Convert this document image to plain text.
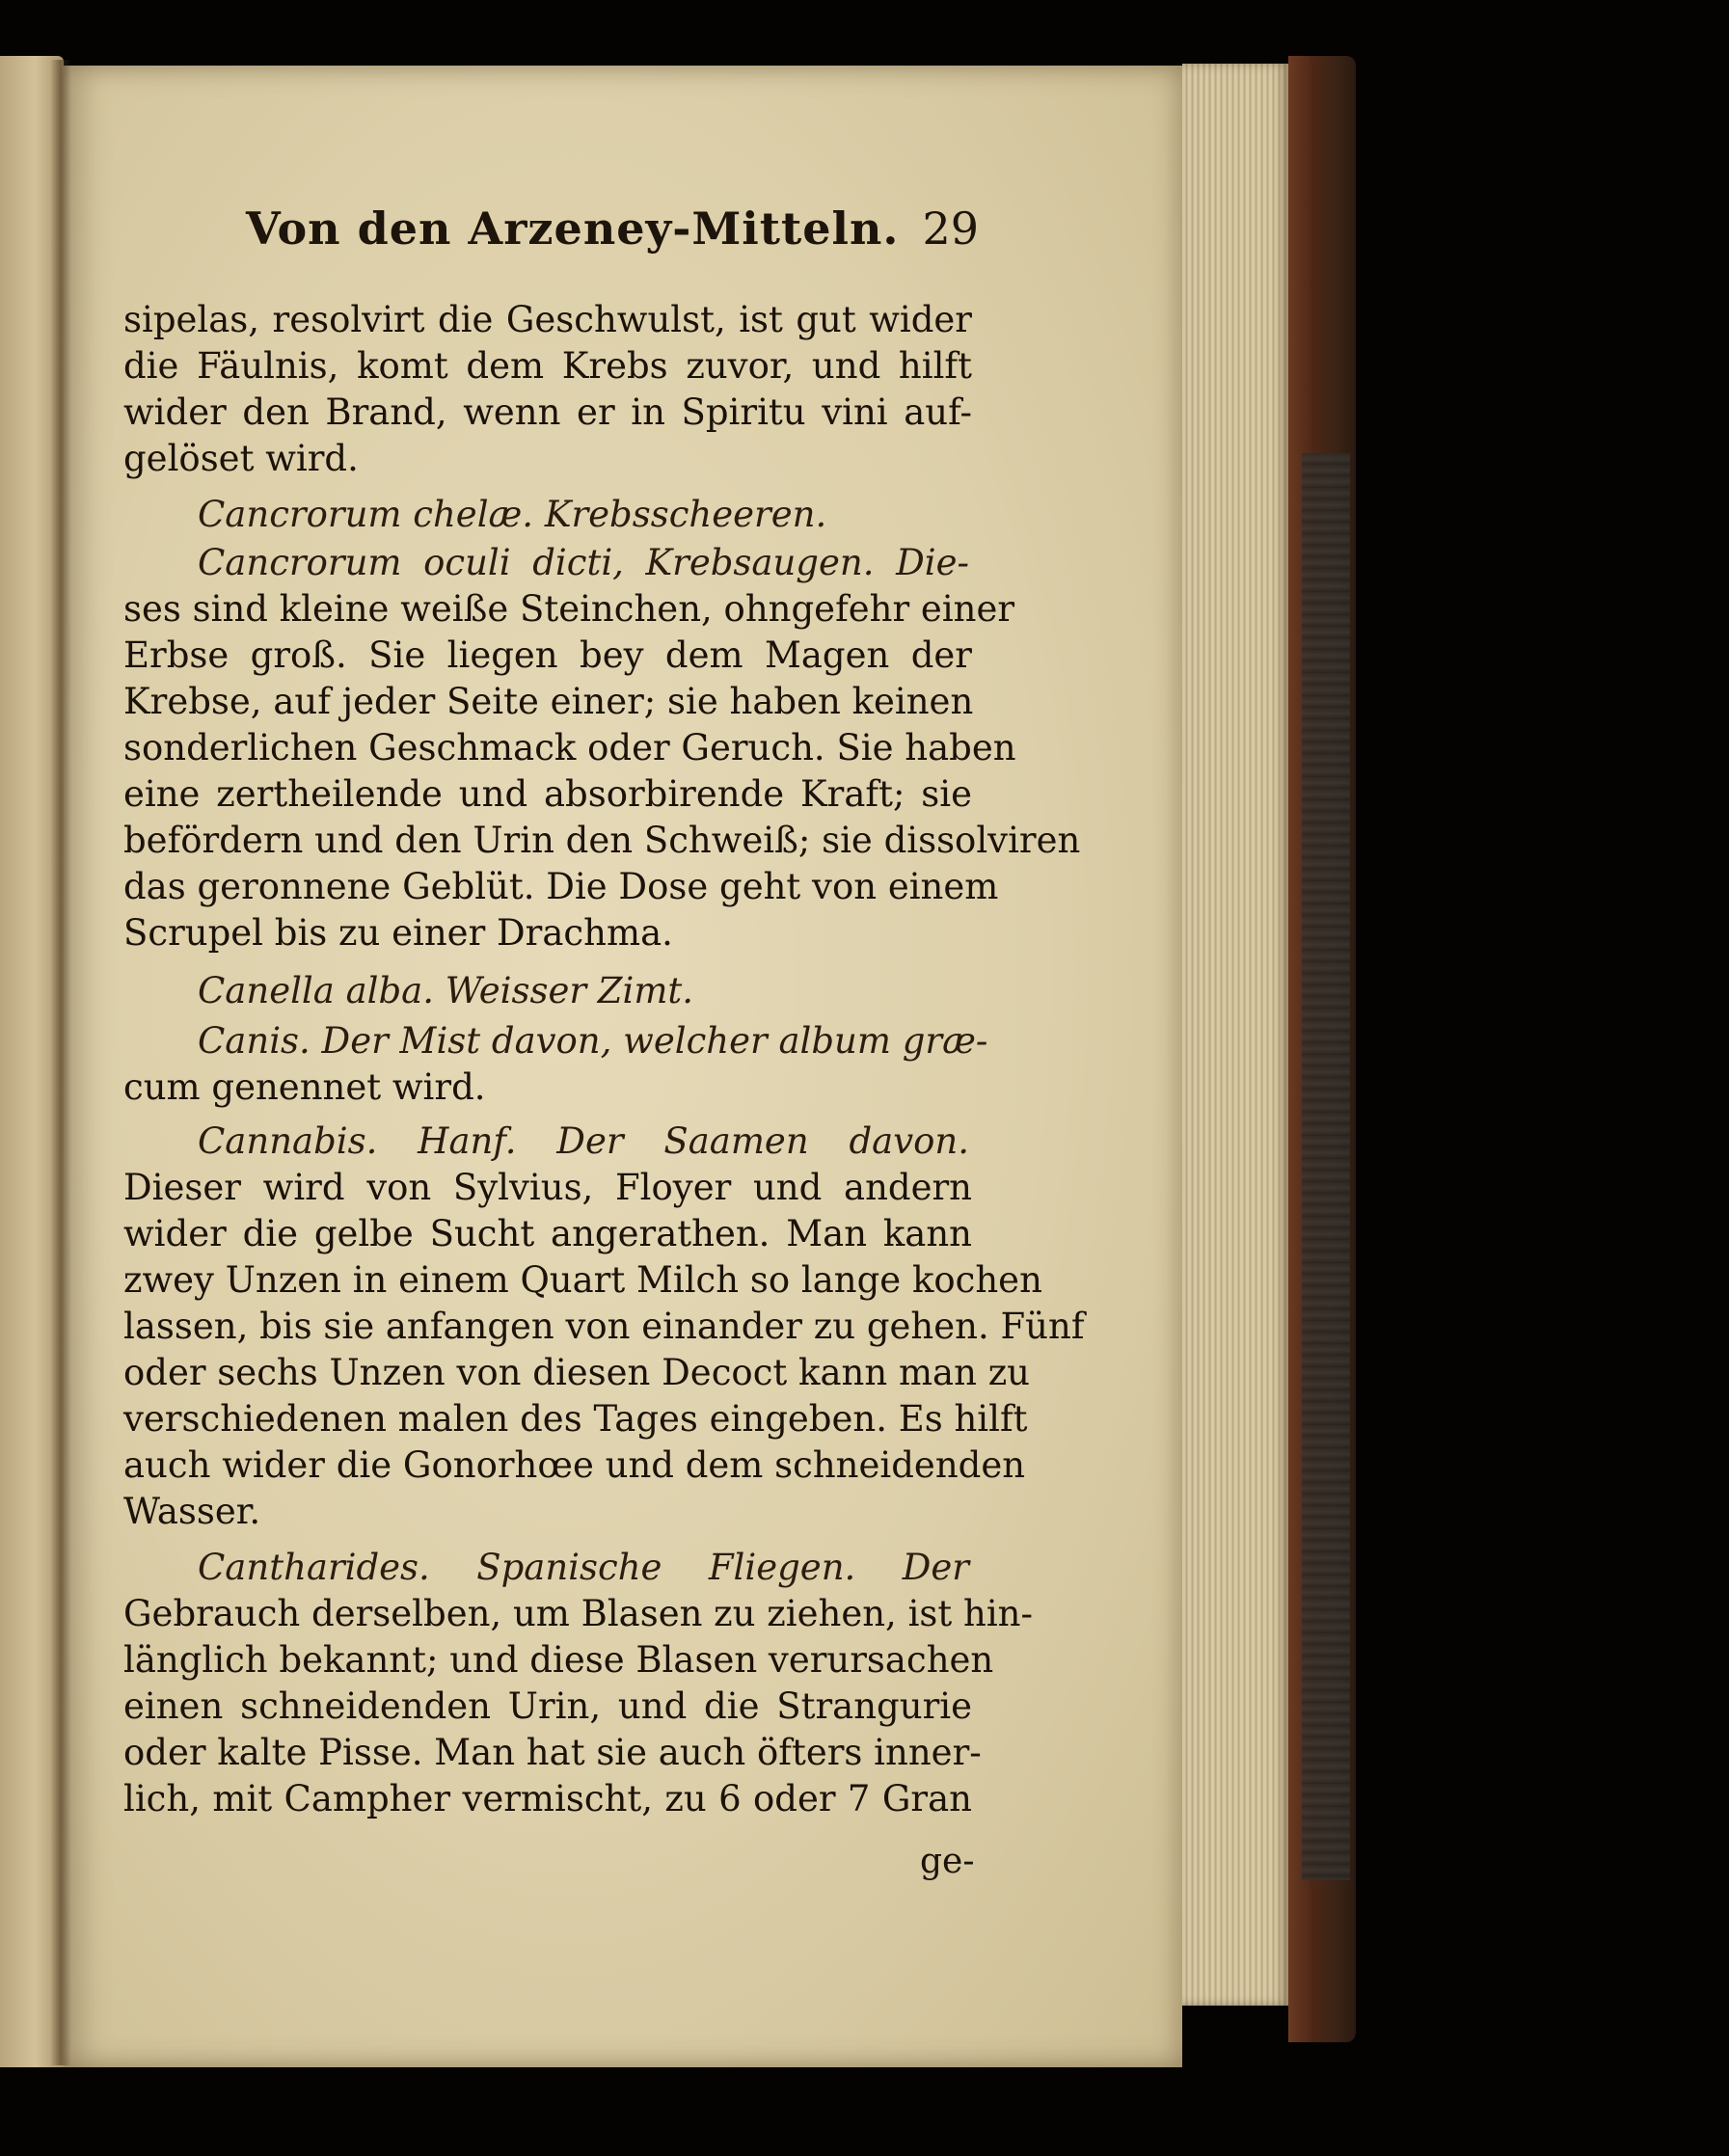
Von den Arzeney-Mitteln. 29
sipelas, resolvirt die Geschwulst, ist gut wider
die Fäulnis, komt dem Krebs zuvor, und hilft
wider den Brand, wenn er in Spiritu vini auf-
gelöset wird.
Cancrorum chelæ. Krebsscheeren.
Cancrorum oculi dicti, Krebsaugen. Die-
ses sind kleine weiße Steinchen, ohngefehr einer
Erbse groß. Sie liegen bey dem Magen der
Krebse, auf jeder Seite einer; sie haben keinen
sonderlichen Geschmack oder Geruch. Sie haben
eine zertheilende und absorbirende Kraft; sie
befördern und den Urin den Schweiß; sie dissolviren
das geronnene Geblüt. Die Dose geht von einem
Scrupel bis zu einer Drachma.
Canella alba. Weisser Zimt.
Canis. Der Mist davon, welcher album græ-
cum genennet wird.
Cannabis. Hanf. Der Saamen davon.
Dieser wird von Sylvius, Floyer und andern
wider die gelbe Sucht angerathen. Man kann
zwey Unzen in einem Quart Milch so lange kochen
lassen, bis sie anfangen von einander zu gehen. Fünf
oder sechs Unzen von diesen Decoct kann man zu
verschiedenen malen des Tages eingeben. Es hilft
auch wider die Gonorhœe und dem schneidenden
Wasser.
Cantharides. Spanische Fliegen. Der
Gebrauch derselben, um Blasen zu ziehen, ist hin-
länglich bekannt; und diese Blasen verursachen
einen schneidenden Urin, und die Strangurie
oder kalte Pisse. Man hat sie auch öfters inner-
lich, mit Campher vermischt, zu 6 oder 7 Gran
ge-
